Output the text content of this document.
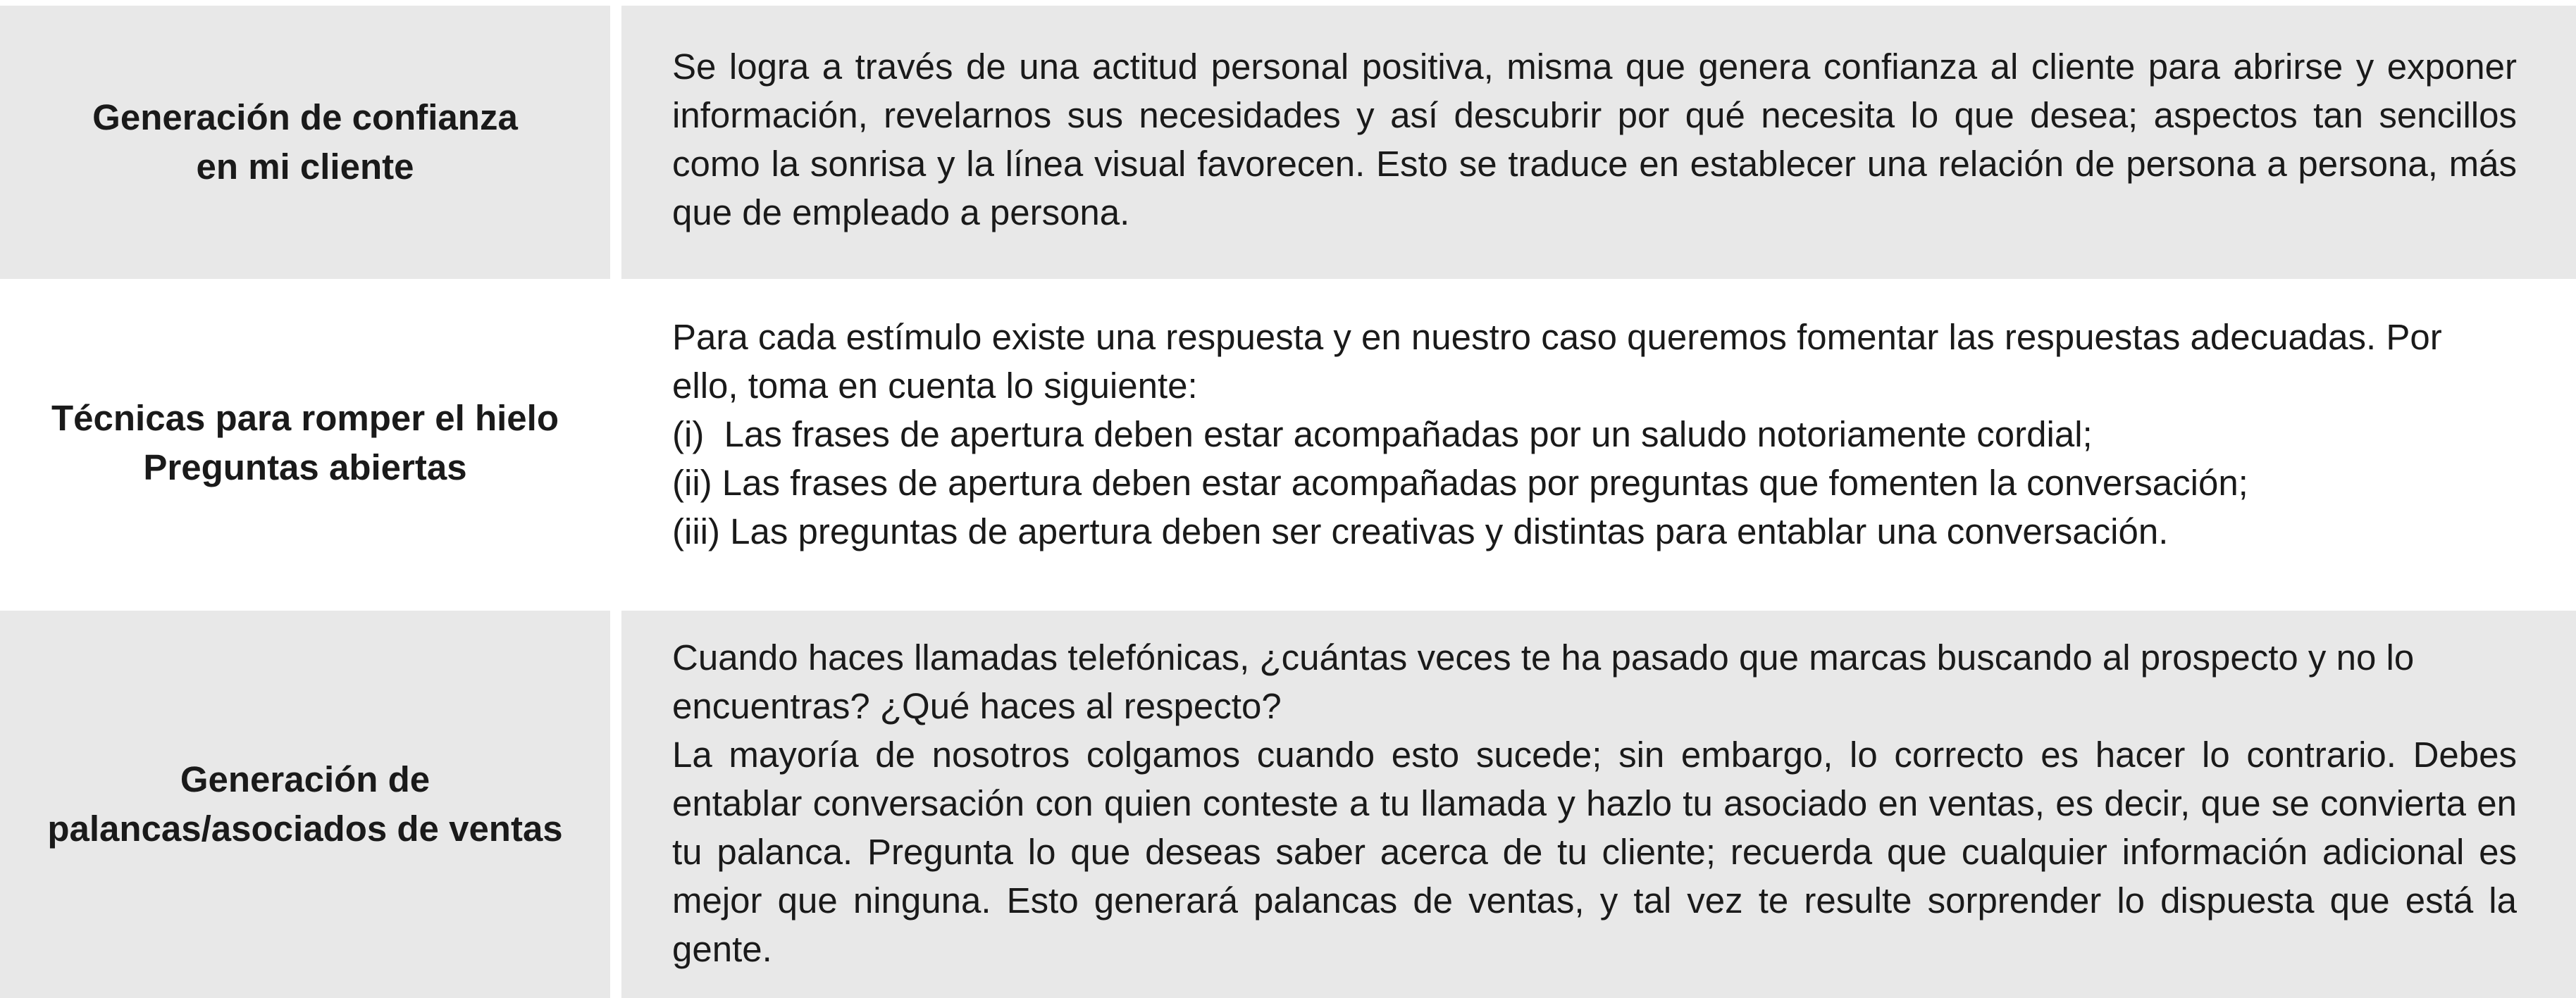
Generación de confianza
en mi cliente

Se logra a través de una actitud personal positiva, misma que genera confianza al cliente para abrirse y exponer información, revelarnos sus necesidades y así descubrir por qué necesita lo que desea; aspectos tan sencillos como la sonrisa y la línea visual favorecen. Esto se traduce en establecer una relación de persona a persona, más que de empleado a persona.

Técnicas para romper el hielo
Preguntas abiertas

Para cada estímulo existe una respuesta y en nuestro caso queremos fomentar las respuestas adecuadas. Por ello, toma en cuenta lo siguiente:

(i)  Las frases de apertura deben estar acompañadas por un saludo notoriamente cordial;

(ii) Las frases de apertura deben estar acompañadas por preguntas que fomenten la conversación;

(iii) Las preguntas de apertura deben ser creativas y distintas para entablar una conversación.

Generación de
palancas/asociados de ventas

Cuando haces llamadas telefónicas, ¿cuántas veces te ha pasado que marcas buscando al prospecto y no lo encuentras? ¿Qué haces al respecto?

La mayoría de nosotros colgamos cuando esto sucede; sin embargo, lo correcto es hacer lo contrario. Debes entablar conversación con quien conteste a tu llamada y hazlo tu asociado en ventas, es decir, que se convierta en tu palanca. Pregunta lo que deseas saber acerca de tu cliente; recuerda que cualquier información adicional es mejor que ninguna. Esto generará palancas de ventas, y tal vez te resulte sorprender lo dispuesta que está la gente.
